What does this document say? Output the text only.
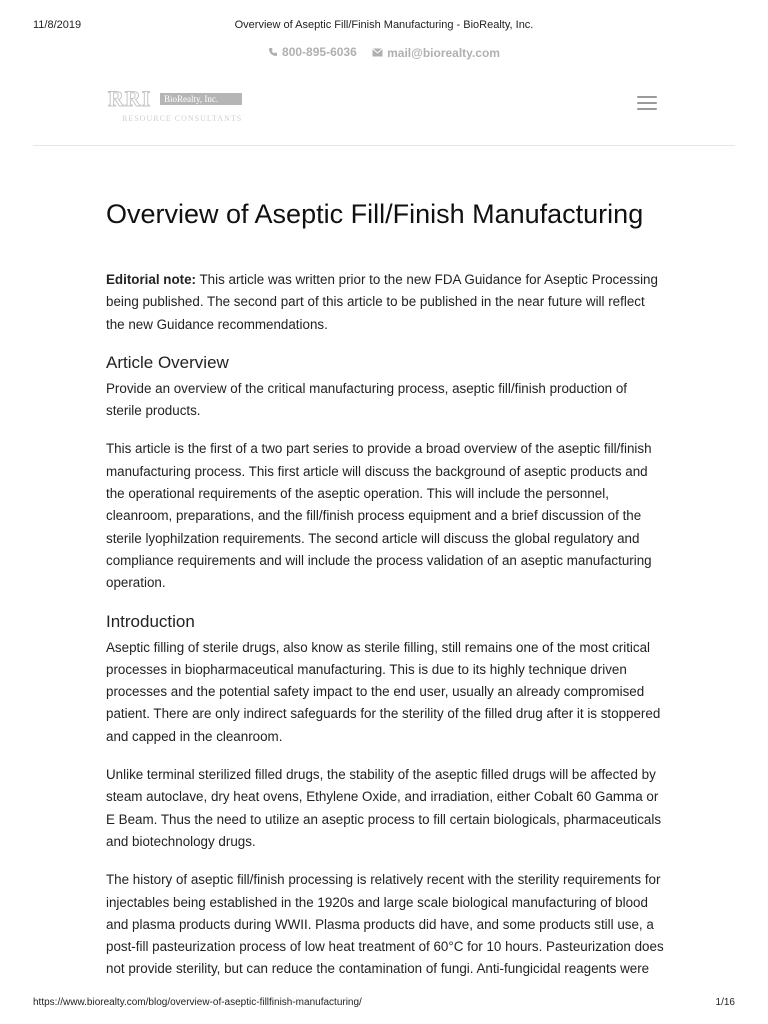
11/8/2019	Overview of Aseptic Fill/Finish Manufacturing - BioRealty, Inc.
800-895-6036
	mail@biorealty.com
RRI BioRealty, Inc.
RESOURCE CONSULTANTS
Overview of Aseptic Fill/Finish Manufacturing

Editorial note: This article was written prior to the new FDA Guidance for Aseptic Processing being published. The second part of this article to be published in the near future will reflect the new Guidance recommendations.

Article Overview

Provide an overview of the critical manufacturing process, aseptic fill/finish production of sterile products.

This article is the first of a two part series to provide a broad overview of the aseptic fill/finish manufacturing process. This first article will discuss the background of aseptic products and the operational requirements of the aseptic operation. This will include the personnel, cleanroom, preparations, and the fill/finish process equipment and a brief discussion of the sterile lyophilzation requirements. The second article will discuss the global regulatory and compliance requirements and will include the process validation of an aseptic manufacturing operation.

Introduction

Aseptic filling of sterile drugs, also know as sterile filling, still remains one of the most critical processes in biopharmaceutical manufacturing. This is due to its highly technique driven processes and the potential safety impact to the end user, usually an already compromised patient. There are only indirect safeguards for the sterility of the filled drug after it is stoppered and capped in the cleanroom.

Unlike terminal sterilized filled drugs, the stability of the aseptic filled drugs will be affected by steam autoclave, dry heat ovens, Ethylene Oxide, and irradiation, either Cobalt 60 Gamma or E Beam. Thus the need to utilize an aseptic process to fill certain biologicals, pharmaceuticals and biotechnology drugs.

The history of aseptic fill/finish processing is relatively recent with the sterility requirements for injectables being established in the 1920s and large scale biological manufacturing of blood and plasma products during WWII. Plasma products did have, and some products still use, a post-fill pasteurization process of low heat treatment of 60°C for 10 hours. Pasteurization does not provide sterility, but can reduce the contamination of fungi. Anti-fungicidal reagents were

https://www.biorealty.com/blog/overview-of-aseptic-fillfinish-manufacturing/	1/16
